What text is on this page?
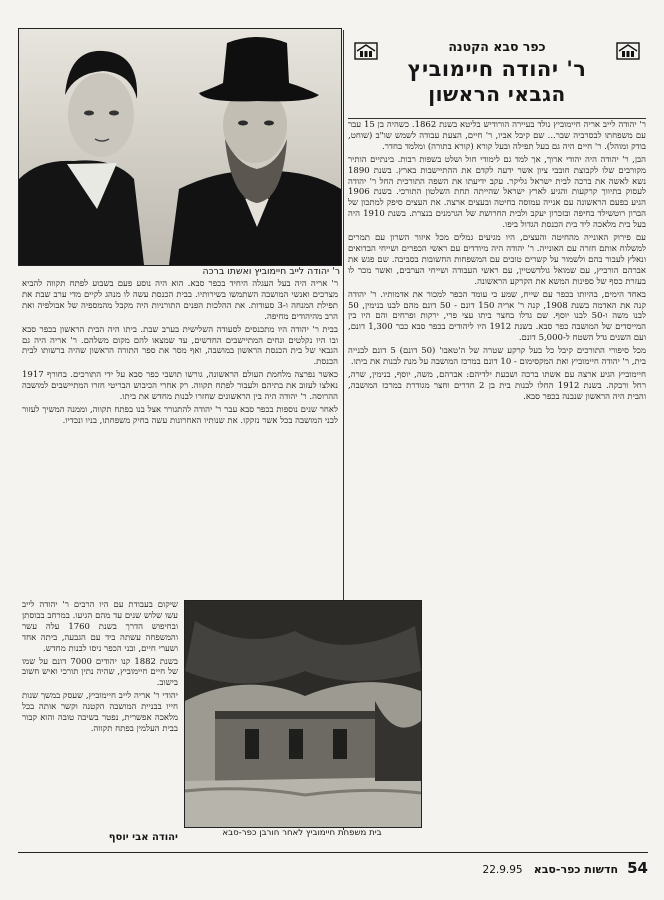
ר' יהודה לייב חיימוביץ ואשתו ברכה
כפר סבא הקטנה
ר' יהודה חיימוביץ
הגבאי הראשון

ר' יהודה לייב אריה חיימוביץ נולד בעיירה הורודיש בליטא בשנת 1862. כשהיה בן 15 עבר עם משפחתו לבסרביה שבר... שם קיבל אביו, ר' חיים, הצעת עבודה לשמש שו"ב (שוחט, בודק ומוהל). ר' חיים היה גם בעל תפילה ובעל קורא (קורא בתורה) ומלמד בחדר.

הבן, ר' יהודה היה יהודי ארוך, אך למד גם לימודי חול ושלט בשפות רבות. בינתיים הותיר מקורבים שלו לקבוצת חובבי ציון אשר ידעה לקדם את ההתיישבות בארץ. בשנת 1890 נשא לאשה את ברכה לבית ישראל גליקר. עקב ידיעתו את השפה התורכית החל ר' יהודה לעסוק בתיווך קרקעות והגיע לארץ ישראל שהייתה תחת השלטון התורכי. בשנת 1906 הגיע בפעם הראשונה עם אנייה עמוסה בחיטה ובעצים ארצה. את העצים סיפק למתכון של הברון רוטשילד בחיפה ובזכרון יעקב ולבית החרושת של הגרמנים בנצרת. בשנת 1910 היה בעל בית מלאכה ליד בית הכנסת הגדול ביפו.

עם פירוק האונייה מהחיטה והעצים, היו מגיעים גמלים מכל איזור השרון עם תמרים למשלוח אותם חזרה עם האונייה. ר' יהודה היה מיודדים עם ראשי הכפרים ושייחי הבדואים ונאלץ לעבור בהם ולשמור על קשרים טובים עם המשפחות החשובות בסביבה. שם פגש את אברהם הורביץ, עם שמואל גולדשטיין, עם ראשי העבודה ושייחי הערבים, ואשר מכר לו בעזרת כסף של ספינות המשא את הקרקע הראשונה.

באחד הימים, בהיותו בכפר עם שייח, שמע כי עומד הכפר למכור את אדמותיו. ר' יהודה קנה את האדמה בשנת 1908, קנה ר' אריה 150 דונם - 50 דונם מהם לבנו בנימין, 50 לבנו משה ו-50 לבנו יוסף. שם גדלו בחצר ביתו עצי פרי, ירקות ופרחים והם היו בין המייסדים של המושבה כפר סבא. בשנת 1912 היו ליהודים בכפר סבא כבר 1,300 דונם, ועם השנים גדל השטח ל-5,000 דונם.

מכל סיפורי התורכים קיבל כל בעל קרקע שטרה של ה'טאבו' (50 דונם) 5 דונם לבנייה בית, ר' יהודה חיימוביץ ואת המקסימום - 10 דונם במרכז המושבה על מנת לבנות את ביתו.

חיימוביץ הגיע ארצה עם אשתו ברכה ושבעת ילדיהם: אברהם, משה, יוסף, בנימין, שרה, רחל ורבקה. בשנת 1912 החלו לבנות בית בן 2 חדרים וחצר מגודרת במרכז המושבה, והבית היה הראשון שנבנה בכפר סבא.

ר' אריה היה בעל העגלה היחיד בכפר סבא. הוא היה נוסע פעם בשבוע לפתח תקווה להביא מצרכים ואנשי המושבה השתמשו בשירותיו. בבית הכנסת עשה לו מנהג לקיים מדי ערב שבת את תפילת המנחה ו-3 סעודות. את ההלכות הפנים התורניות היה מקבל מהמספיה של אבולפיה ואת הרב מהיהודים מחיפה.

בבית ר' יהודה היו מתכנסים לסעודה השלישית בערב שבת. ביתו היה הבית הראשון בכפר סבא ובו היו נקלטים ונחים המתיישבים החדשים, עד שמצאו להם מקום משלהם. ר' אריה היה גם הגבאי של בית הכנסת הראשון במושבה, ואף מסר את ספר התורה הראשון שהיה ברשותו לבית הכנסת.

כאשר נפרצה מלחמת העולם הראשונה, גורשו תושבי כפר סבא על ידי התורכים. בחורף 1917 נאלצו לעזוב את בתיהם ולעבור לפתח תקווה. רק אחרי הכיבוש הבריטי חזרו המתיישבים למושבה ההרוסה. ר' יהודה היה בין הראשונים שחזרו לבנות מחדש את ביתו.

לאחר שנים נוספות בכפר סבא עבר ר' יהודה להתגורר אצל בנו בפתח תקווה, וממנה המשיך לעזור לבני המושבה בכל אשר נזקקו. את שנותיו האחרונות עשה בחיק משפחתו, בניו ונכדיו.

בית משפחת חיימוביץ לאחר חורבן כפר-סבא

שיקום בעבודת עם היו הרבים ר' יהודה לייב עשו שלוש שנים עד מהם הגיעו. במרחב בבוסתן ובחיפוש הדרך בשנת 1760 עלה עשר והמשפחה עשתה ביד עם הגבעה, ביתה אחד ושערי חיים, ובני הכפר ניסו לבנות מחדש.

בשנת 1882 קנו יהודים 7000 דונם על שמו של חיים חיימוביץ, שהיה נתין תורכי ואיש חשוב בישוב.

יהודי ר' אריה לייב חיימוביץ, שעסק במשך שנות חייו בבניית המושבה הקטנה וקשר אותה בכל מלאכה אפשרית, נפטר בשיבה טובה והוא קבור בבית העלמין בפתח תקווה.

יהודה אבי יוסף
54 חדשות כפר-סבא 22.9.95
